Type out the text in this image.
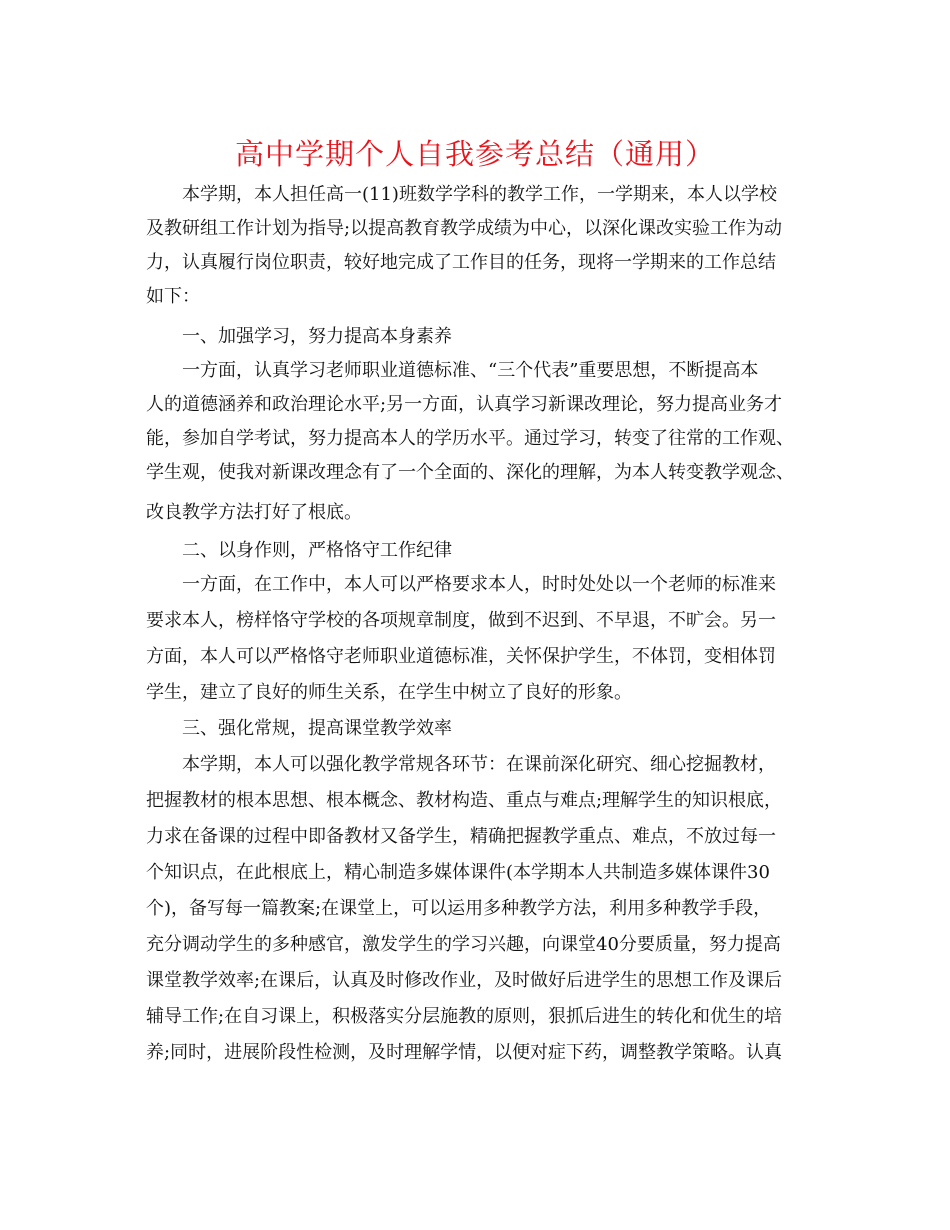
高中学期个人自我参考总结（通用）
本学期，本人担任高一(11)班数学学科的教学工作，一学期来，本人以学校
及教研组工作计划为指导;以提高教育教学成绩为中心，以深化课改实验工作为动
力，认真履行岗位职责，较好地完成了工作目的任务，现将一学期来的工作总结
如下：
一、加强学习，努力提高本身素养
一方面，认真学习老师职业道德标准、“三个代表”重要思想，不断提高本
人的道德涵养和政治理论水平;另一方面，认真学习新课改理论，努力提高业务才
能，参加自学考试，努力提高本人的学历水平。通过学习，转变了往常的工作观、
学生观，使我对新课改理念有了一个全面的、深化的理解，为本人转变教学观念、
改良教学方法打好了根底。
二、以身作则，严格恪守工作纪律
一方面，在工作中，本人可以严格要求本人，时时处处以一个老师的标准来
要求本人，榜样恪守学校的各项规章制度，做到不迟到、不早退，不旷会。另一
方面，本人可以严格恪守老师职业道德标准，关怀保护学生，不体罚，变相体罚
学生，建立了良好的师生关系，在学生中树立了良好的形象。
三、强化常规，提高课堂教学效率
本学期，本人可以强化教学常规各环节：在课前深化研究、细心挖掘教材，
把握教材的根本思想、根本概念、教材构造、重点与难点;理解学生的知识根底，
力求在备课的过程中即备教材又备学生，精确把握教学重点、难点，不放过每一
个知识点，在此根底上，精心制造多媒体课件(本学期本人共制造多媒体课件30
个)，备写每一篇教案;在课堂上，可以运用多种教学方法，利用多种教学手段，
充分调动学生的多种感官，激发学生的学习兴趣，向课堂40分要质量，努力提高
课堂教学效率;在课后，认真及时修改作业，及时做好后进学生的思想工作及课后
辅导工作;在自习课上，积极落实分层施教的原则，狠抓后进生的转化和优生的培
养;同时，进展阶段性检测，及时理解学情，以便对症下药，调整教学策略。认真
